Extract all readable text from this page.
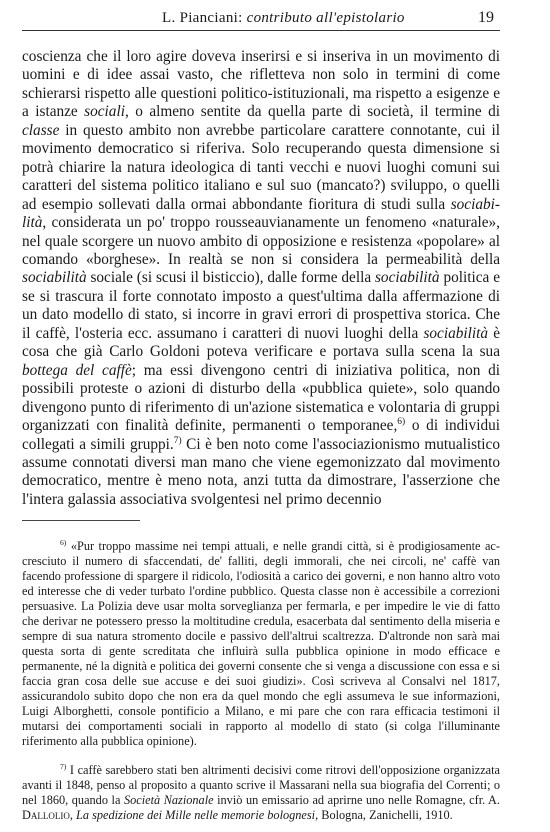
L. Pianciani: contributo all'epistolario	19

coscienza che il loro agire doveva inserirsi e si inseriva in un movimento di uomini e di idee assai vasto, che rifletteva non solo in termini di come schierarsi rispetto alle questioni politico-istituzionali, ma rispetto a esigenze e a istanze sociali, o almeno sentite da quella parte di società, il termine di classe in questo ambito non avrebbe particolare carattere connotante, cui il movimento democratico si riferiva. Solo recuperando questa dimensione si potrà chiarire la natura ideologica di tanti vecchi e nuovi luoghi comuni sui caratteri del sistema politico italiano e sul suo (mancato?) sviluppo, o quelli ad esempio sollevati dalla ormai abbondante fioritura di studi sulla sociabilità, considerata un po' troppo rousseauvianamente un fenomeno «naturale», nel quale scorgere un nuovo ambito di opposizione e resistenza «popolare» al comando «borghese». In realtà se non si considera la permeabilità della sociabilità sociale (si scusi il bisticcio), dalle forme della sociabilità politica e se si trascura il forte connotato imposto a quest'ultima dalla affermazione di un dato modello di stato, si incorre in gravi errori di prospettiva storica. Che il caffè, l'osteria ecc. assumano i caratteri di nuovi luoghi della sociabilità è cosa che già Carlo Goldoni poteva verificare e portava sulla scena la sua bottega del caffè; ma essi divengono centri di iniziativa politica, non di possibili proteste o azioni di disturbo della «pubblica quiete», solo quando divengono punto di riferimento di un'azione sistematica e volontaria di gruppi organizzati con finalità definite, permanenti o temporanee,$^{6)}$ o di individui collegati a simili gruppi.$^{7)}$ Ci è ben noto come l'associazionismo mutualistico assume connotati diversi man mano che viene egemonizzato dal movimento democratico, mentre è meno nota, anzi tutta da dimostrare, l'asserzione che l'intera galassia associativa svolgentesi nel primo decennio

$^{6)}$ «Pur troppo massime nei tempi attuali, e nelle grandi città, si è prodigiosamente accresciuto il numero di sfaccendati, de' falliti, degli immorali, che nei circoli, ne' caffè van facendo professione di spargere il ridicolo, l'odiosità a carico dei governi, e non hanno altro voto ed interesse che di veder turbato l'ordine pubblico. Questa classe non è accessibile a correzioni persuasive. La Polizia deve usar molta sorveglianza per fermarla, e per impedire le vie di fatto che derivar ne potessero presso la moltitudine credula, esacerbata dal sentimento della miseria e sempre di sua natura stromento docile e passivo dell'altrui scaltrezza. D'altronde non sarà mai questa sorta di gente screditata che influirà sulla pubblica opinione in modo efficace e permanente, né la dignità e politica dei governi consente che si venga a discussione con essa e si faccia gran cosa delle sue accuse e dei suoi giudizi». Così scriveva al Consalvi nel 1817, assicurandolo subito dopo che non era da quel mondo che egli assumeva le sue informazioni, Luigi Alborghetti, console pontificio a Milano, e mi pare che con rara efficacia testimoni il mutarsi dei comportamenti sociali in rapporto al modello di stato (si colga l'illuminante riferimento alla pubblica opinione).

$^{7)}$ I caffè sarebbero stati ben altrimenti decisivi come ritrovi dell'opposizione organizzata avanti il 1848, penso al proposito a quanto scrive il Massarani nella sua biografia del Correnti; o nel 1860, quando la Società Nazionale inviò un emissario ad aprirne uno nelle Romagne, cfr. A. Dallolio, La spedizione dei Mille nelle memorie bolognesi, Bologna, Zanichelli, 1910.
